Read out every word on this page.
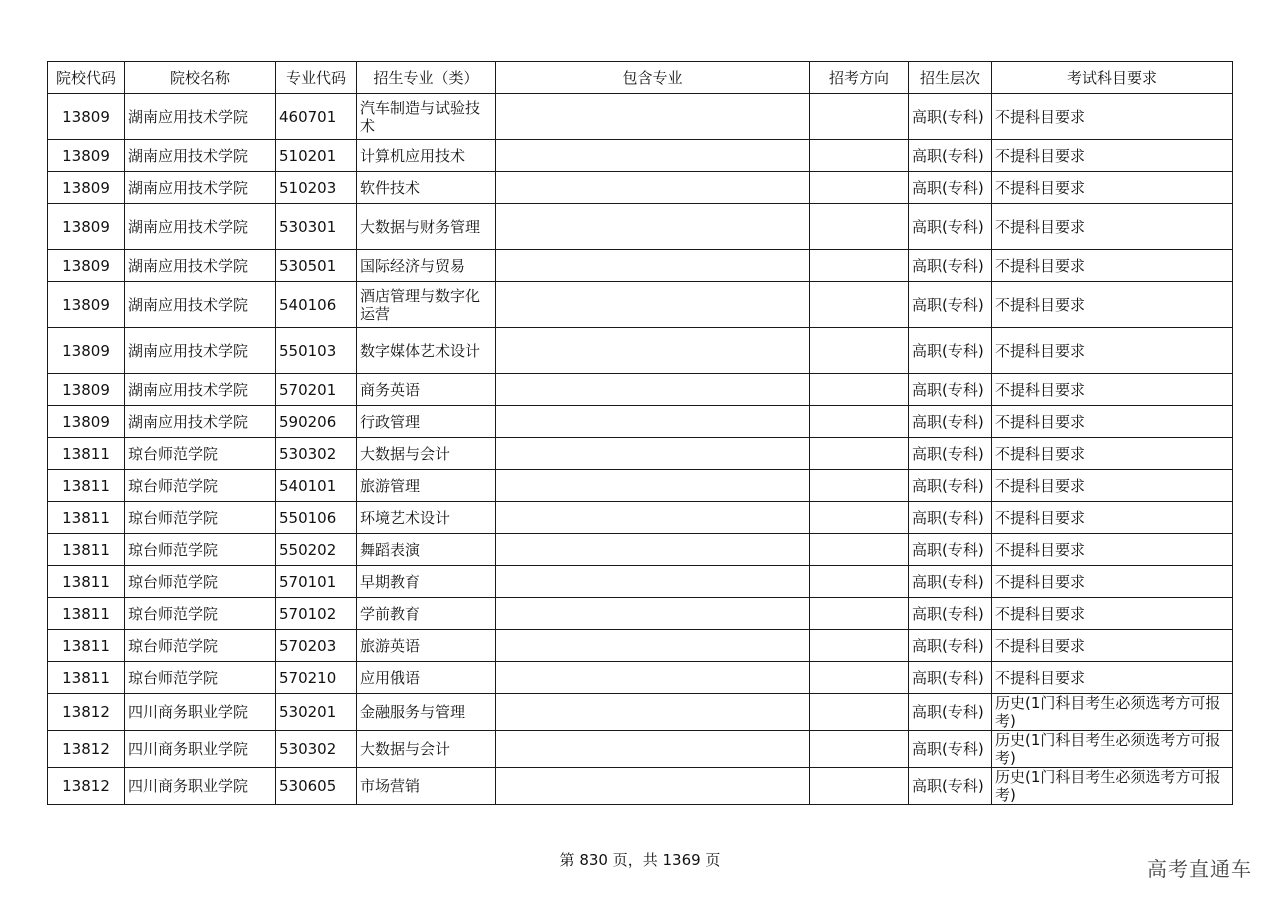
院校代码	院校名称	专业代码	招生专业（类）	包含专业	招考方向	招生层次	考试科目要求
13809	湖南应用技术学院	460701	汽车制造与试验技术			高职(专科)	不提科目要求
13809	湖南应用技术学院	510201	计算机应用技术			高职(专科)	不提科目要求
13809	湖南应用技术学院	510203	软件技术			高职(专科)	不提科目要求
13809	湖南应用技术学院	530301	大数据与财务管理			高职(专科)	不提科目要求
13809	湖南应用技术学院	530501	国际经济与贸易			高职(专科)	不提科目要求
13809	湖南应用技术学院	540106	酒店管理与数字化运营			高职(专科)	不提科目要求
13809	湖南应用技术学院	550103	数字媒体艺术设计			高职(专科)	不提科目要求
13809	湖南应用技术学院	570201	商务英语			高职(专科)	不提科目要求
13809	湖南应用技术学院	590206	行政管理			高职(专科)	不提科目要求
13811	琼台师范学院	530302	大数据与会计			高职(专科)	不提科目要求
13811	琼台师范学院	540101	旅游管理			高职(专科)	不提科目要求
13811	琼台师范学院	550106	环境艺术设计			高职(专科)	不提科目要求
13811	琼台师范学院	550202	舞蹈表演			高职(专科)	不提科目要求
13811	琼台师范学院	570101	早期教育			高职(专科)	不提科目要求
13811	琼台师范学院	570102	学前教育			高职(专科)	不提科目要求
13811	琼台师范学院	570203	旅游英语			高职(专科)	不提科目要求
13811	琼台师范学院	570210	应用俄语			高职(专科)	不提科目要求
13812	四川商务职业学院	530201	金融服务与管理			高职(专科)	历史(1门科目考生必须选考方可报考)
13812	四川商务职业学院	530302	大数据与会计			高职(专科)	历史(1门科目考生必须选考方可报考)
13812	四川商务职业学院	530605	市场营销			高职(专科)	历史(1门科目考生必须选考方可报考)
第 830 页，共 1369 页	高考直通车
